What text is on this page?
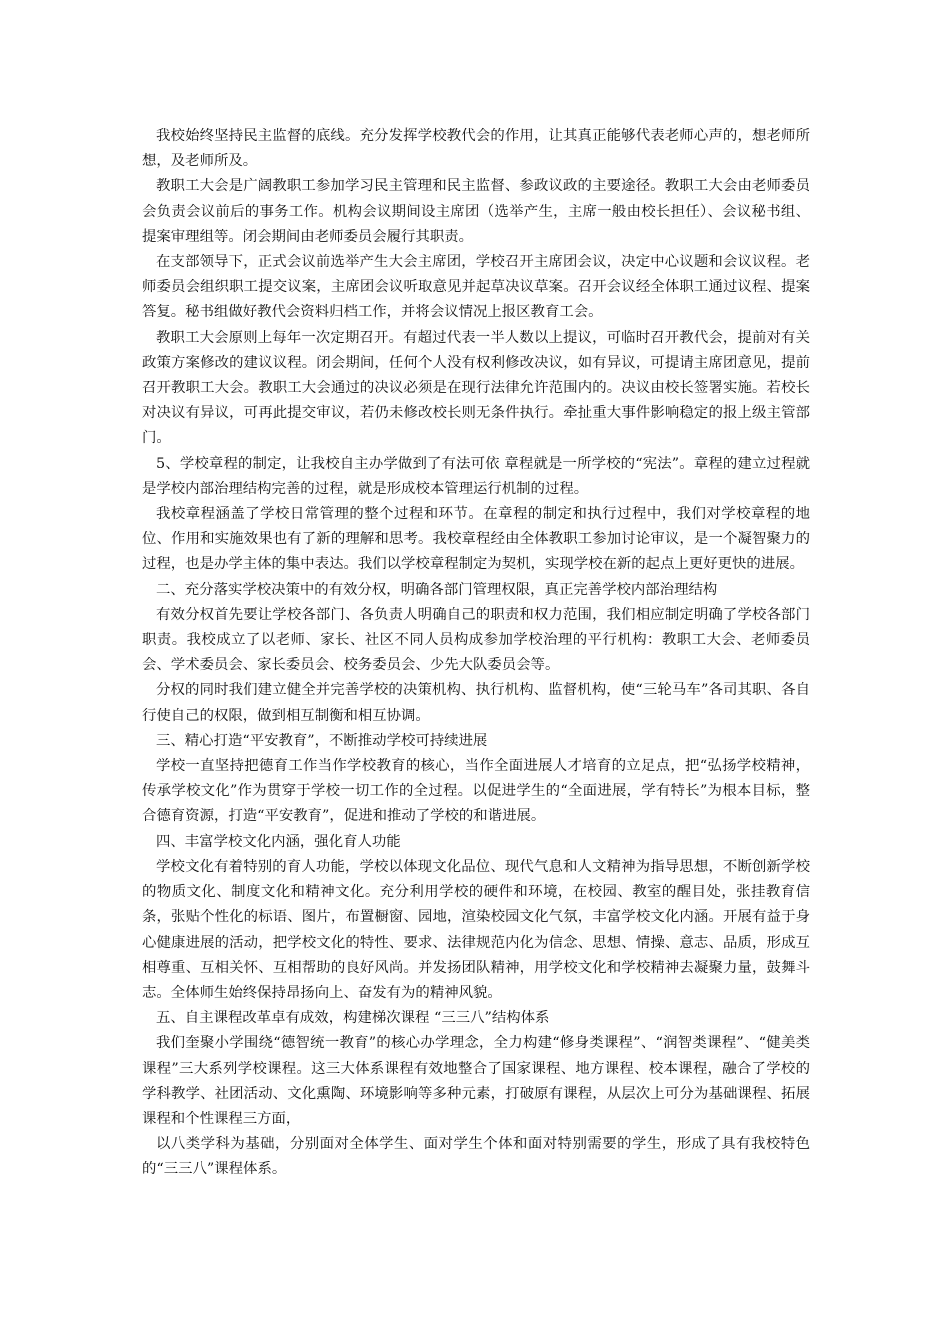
我校始终坚持民主监督的底线。充分发挥学校教代会的作用，让其真正能够代表老师心声的，想老师所想，及老师所及。

教职工大会是广阔教职工参加学习民主管理和民主监督、参政议政的主要途径。教职工大会由老师委员会负责会议前后的事务工作。机构会议期间设主席团（选举产生，主席一般由校长担任）、会议秘书组、提案审理组等。闭会期间由老师委员会履行其职责。

在支部领导下，正式会议前选举产生大会主席团，学校召开主席团会议，决定中心议题和会议议程。老师委员会组织职工提交议案，主席团会议听取意见并起草决议草案。召开会议经全体职工通过议程、提案答复。秘书组做好教代会资料归档工作，并将会议情况上报区教育工会。

教职工大会原则上每年一次定期召开。有超过代表一半人数以上提议，可临时召开教代会，提前对有关政策方案修改的建议议程。闭会期间，任何个人没有权利修改决议，如有异议，可提请主席团意见，提前召开教职工大会。教职工大会通过的决议必须是在现行法律允许范围内的。决议由校长签署实施。若校长对决议有异议，可再此提交审议，若仍未修改校长则无条件执行。牵扯重大事件影响稳定的报上级主管部门。

5、学校章程的制定，让我校自主办学做到了有法可依 章程就是一所学校的“宪法”。章程的建立过程就是学校内部治理结构完善的过程，就是形成校本管理运行机制的过程。

我校章程涵盖了学校日常管理的整个过程和环节。在章程的制定和执行过程中，我们对学校章程的地位、作用和实施效果也有了新的理解和思考。我校章程经由全体教职工参加讨论审议，是一个凝智聚力的过程，也是办学主体的集中表达。我们以学校章程制定为契机，实现学校在新的起点上更好更快的进展。

二、充分落实学校决策中的有效分权，明确各部门管理权限，真正完善学校内部治理结构

有效分权首先要让学校各部门、各负责人明确自己的职责和权力范围，我们相应制定明确了学校各部门职责。我校成立了以老师、家长、社区不同人员构成参加学校治理的平行机构：教职工大会、老师委员会、学术委员会、家长委员会、校务委员会、少先大队委员会等。

分权的同时我们建立健全并完善学校的决策机构、执行机构、监督机构，使“三轮马车”各司其职、各自行使自己的权限，做到相互制衡和相互协调。

三、精心打造“平安教育”，不断推动学校可持续进展

学校一直坚持把德育工作当作学校教育的核心，当作全面进展人才培育的立足点，把“弘扬学校精神，传承学校文化”作为贯穿于学校一切工作的全过程。以促进学生的“全面进展，学有特长”为根本目标，整合德育资源，打造“平安教育”，促进和推动了学校的和谐进展。

四、丰富学校文化内涵，强化育人功能

学校文化有着特别的育人功能，学校以体现文化品位、现代气息和人文精神为指导思想，不断创新学校的物质文化、制度文化和精神文化。充分利用学校的硬件和环境，在校园、教室的醒目处，张挂教育信条，张贴个性化的标语、图片，布置橱窗、园地，渲染校园文化气氛，丰富学校文化内涵。开展有益于身心健康进展的活动，把学校文化的特性、要求、法律规范内化为信念、思想、情操、意志、品质，形成互相尊重、互相关怀、互相帮助的良好风尚。并发扬团队精神，用学校文化和学校精神去凝聚力量，鼓舞斗志。全体师生始终保持昂扬向上、奋发有为的精神风貌。

五、自主课程改革卓有成效，构建梯次课程 “三三八”结构体系

我们奎聚小学围绕“德智统一教育”的核心办学理念，全力构建“修身类课程”、“润智类课程”、“健美类课程”三大系列学校课程。这三大体系课程有效地整合了国家课程、地方课程、校本课程，融合了学校的学科教学、社团活动、文化熏陶、环境影响等多种元素，打破原有课程，从层次上可分为基础课程、拓展课程和个性课程三方面，

以八类学科为基础，分别面对全体学生、面对学生个体和面对特别需要的学生，形成了具有我校特色的“三三八”课程体系。
